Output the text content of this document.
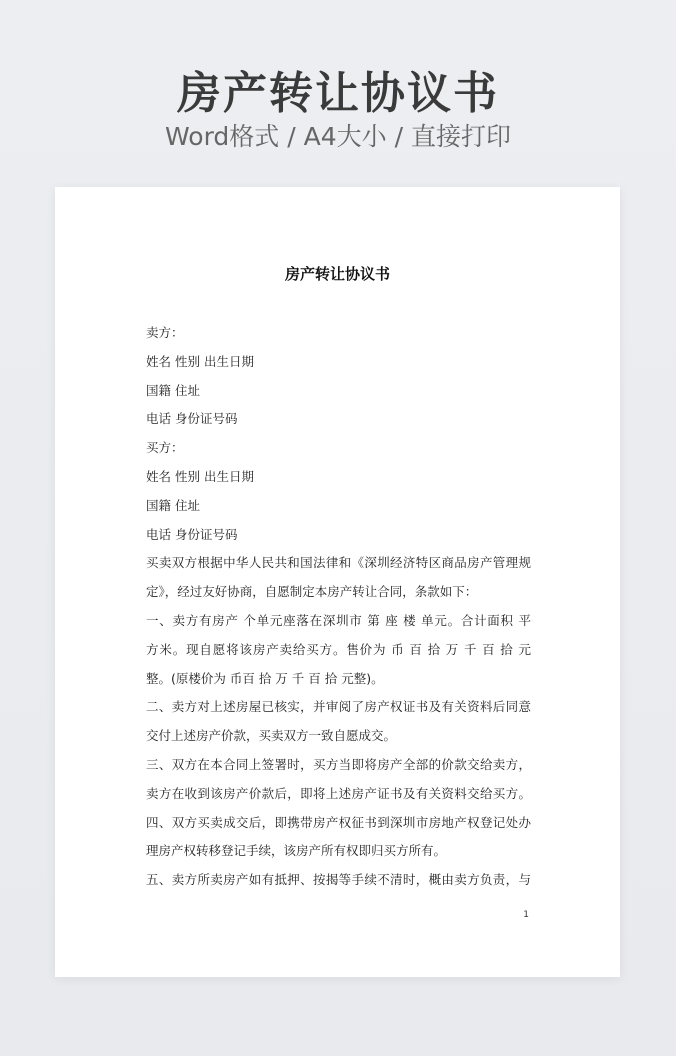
房产转让协议书
Word格式 / A4大小 / 直接打印
房产转让协议书
卖方：
姓名 性别 出生日期
国籍 住址
电话 身份证号码
买方：
姓名 性别 出生日期
国籍 住址
电话 身份证号码
买卖双方根据中华人民共和国法律和《深圳经济特区商品房产管理规
定》，经过友好协商，自愿制定本房产转让合同，条款如下：
一、卖方有房产 个单元座落在深圳市 第 座 楼 单元。合计面积 平
方米。现自愿将该房产卖给买方。售价为 币 百 拾 万 千 百 拾 元
整。(原楼价为 币百 拾 万 千 百 拾 元整)。
二、卖方对上述房屋已核实，并审阅了房产权证书及有关资料后同意
交付上述房产价款，买卖双方一致自愿成交。
三、双方在本合同上签署时，买方当即将房产全部的价款交给卖方，
卖方在收到该房产价款后，即将上述房产证书及有关资料交给买方。
四、双方买卖成交后，即携带房产权征书到深圳市房地产权登记处办
理房产权转移登记手续，该房产所有权即归买方所有。
五、卖方所卖房产如有抵押、按揭等手续不清时，概由卖方负责，与
1
